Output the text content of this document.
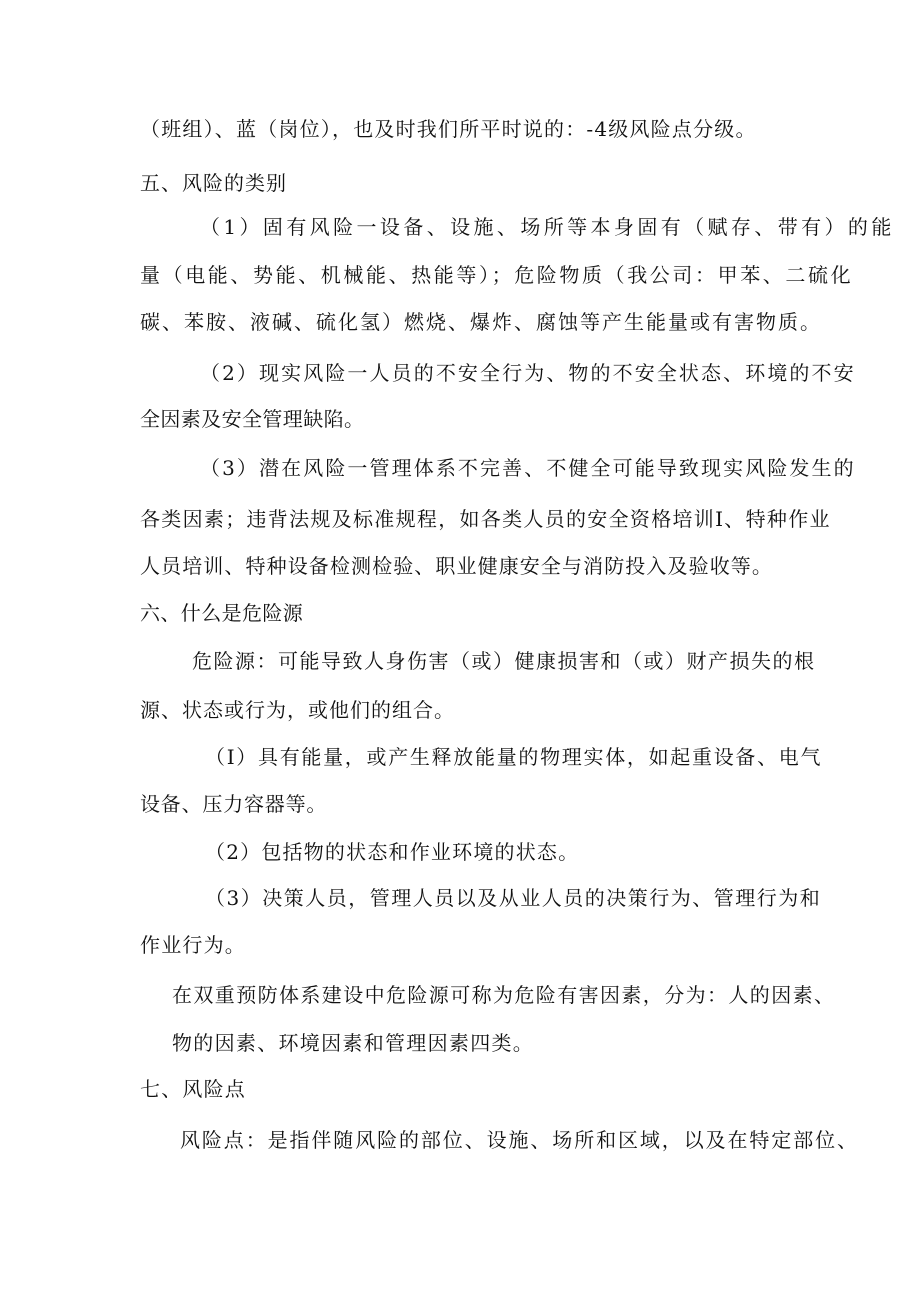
（班组）、蓝（岗位），也及时我们所平时说的：-4级风险点分级。
五、风险的类别
（1）固有风险一设备、设施、场所等本身固有（赋存、带有）的能
量（电能、势能、机械能、热能等）；危险物质（我公司：甲苯、二硫化
碳、苯胺、液碱、硫化氢）燃烧、爆炸、腐蚀等产生能量或有害物质。
（2）现实风险一人员的不安全行为、物的不安全状态、环境的不安
全因素及安全管理缺陷。
（3）潜在风险一管理体系不完善、不健全可能导致现实风险发生的
各类因素；违背法规及标准规程，如各类人员的安全资格培训I、特种作业
人员培训、特种设备检测检验、职业健康安全与消防投入及验收等。
六、什么是危险源
危险源：可能导致人身伤害（或）健康损害和（或）财产损失的根
源、状态或行为，或他们的组合。
（I）具有能量，或产生释放能量的物理实体，如起重设备、电气
设备、压力容器等。
（2）包括物的状态和作业环境的状态。
（3）决策人员，管理人员以及从业人员的决策行为、管理行为和
作业行为。
在双重预防体系建设中危险源可称为危险有害因素，分为：人的因素、
物的因素、环境因素和管理因素四类。
七、风险点
风险点：是指伴随风险的部位、设施、场所和区域，以及在特定部位、
